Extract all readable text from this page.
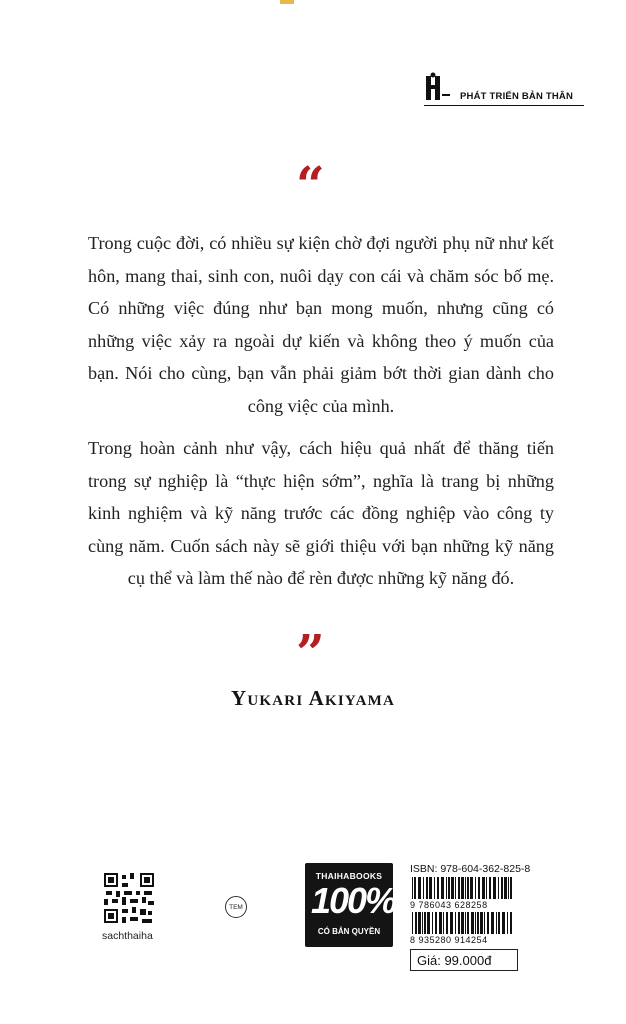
PHÁT TRIỂN BẢN THÂN
“

Trong cuộc đời, có nhiều sự kiện chờ đợi người phụ nữ như kết hôn, mang thai, sinh con, nuôi dạy con cái và chăm sóc bố mẹ. Có những việc đúng như bạn mong muốn, nhưng cũng có những việc xảy ra ngoài dự kiến và không theo ý muốn của bạn. Nói cho cùng, bạn vẫn phải giảm bớt thời gian dành cho công việc của mình.

Trong hoàn cảnh như vậy, cách hiệu quả nhất để thăng tiến trong sự nghiệp là “thực hiện sớm”, nghĩa là trang bị những kinh nghiệm và kỹ năng trước các đồng nghiệp vào công ty cùng năm. Cuốn sách này sẽ giới thiệu với bạn những kỹ năng cụ thể và làm thế nào để rèn được những kỹ năng đó.

”
Yukari Akiyama
sachthaiha
TEM
THAIHABOOKS
100%
CÓ BẢN QUYỀN
ISBN: 978-604-362-825-8
9 786043 628258
8 935280 914254
Giá: 99.000đ
